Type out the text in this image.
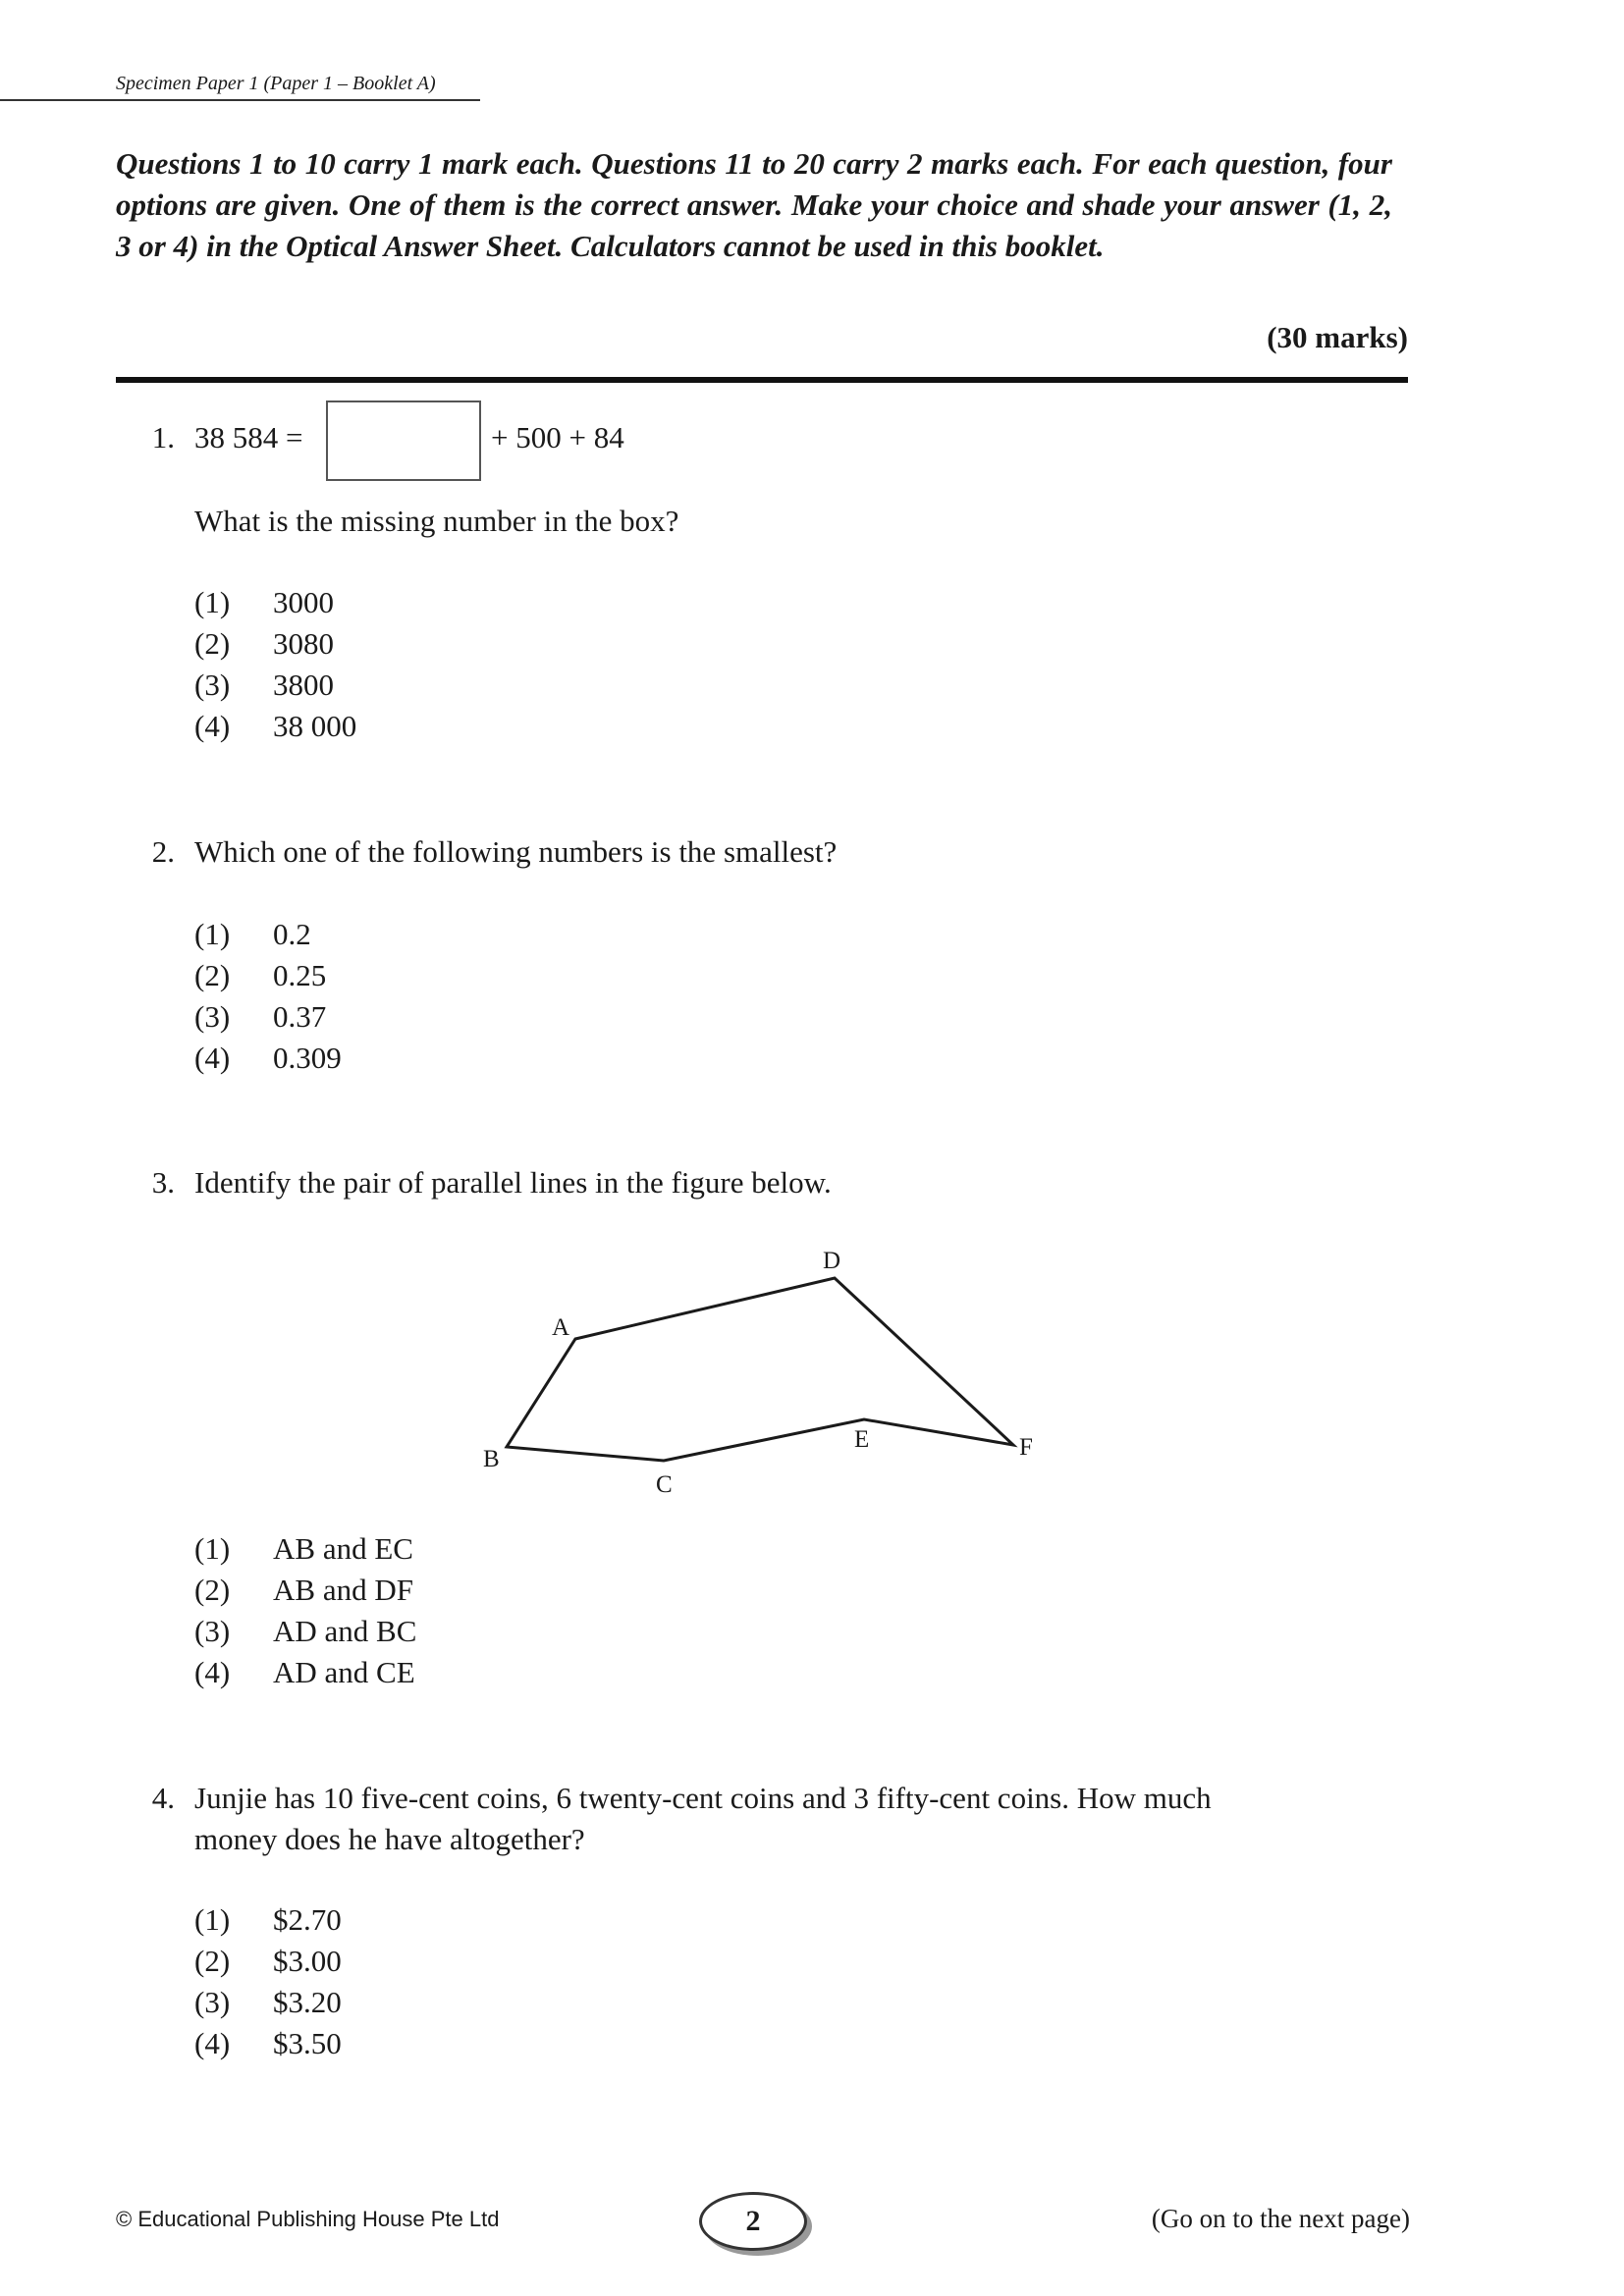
Specimen Paper 1 (Paper 1 – Booklet A)
Questions 1 to 10 carry 1 mark each. Questions 11 to 20 carry 2 marks each. For each question, four options are given. One of them is the correct answer. Make your choice and shade your answer (1, 2, 3 or 4) in the Optical Answer Sheet. Calculators cannot be used in this booklet.
(30 marks)
1. 38 584 =	+ 500 + 84
What is the missing number in the box?
(1) 3000
(2) 3080
(3) 3800
(4) 38 000
2. Which one of the following numbers is the smallest?
(1) 0.2
(2) 0.25
(3) 0.37
(4) 0.309
3. Identify the pair of parallel lines in the figure below.
A
D
F
E
C
B
(1) AB and EC
(2) AB and DF
(3) AD and BC
(4) AD and CE
4. Junjie has 10 five-cent coins, 6 twenty-cent coins and 3 fifty-cent coins. How much
money does he have altogether?
(1) $2.70
(2) $3.00
(3) $3.20
(4) $3.50
© Educational Publishing House Pte Ltd	2	(Go on to the next page)
